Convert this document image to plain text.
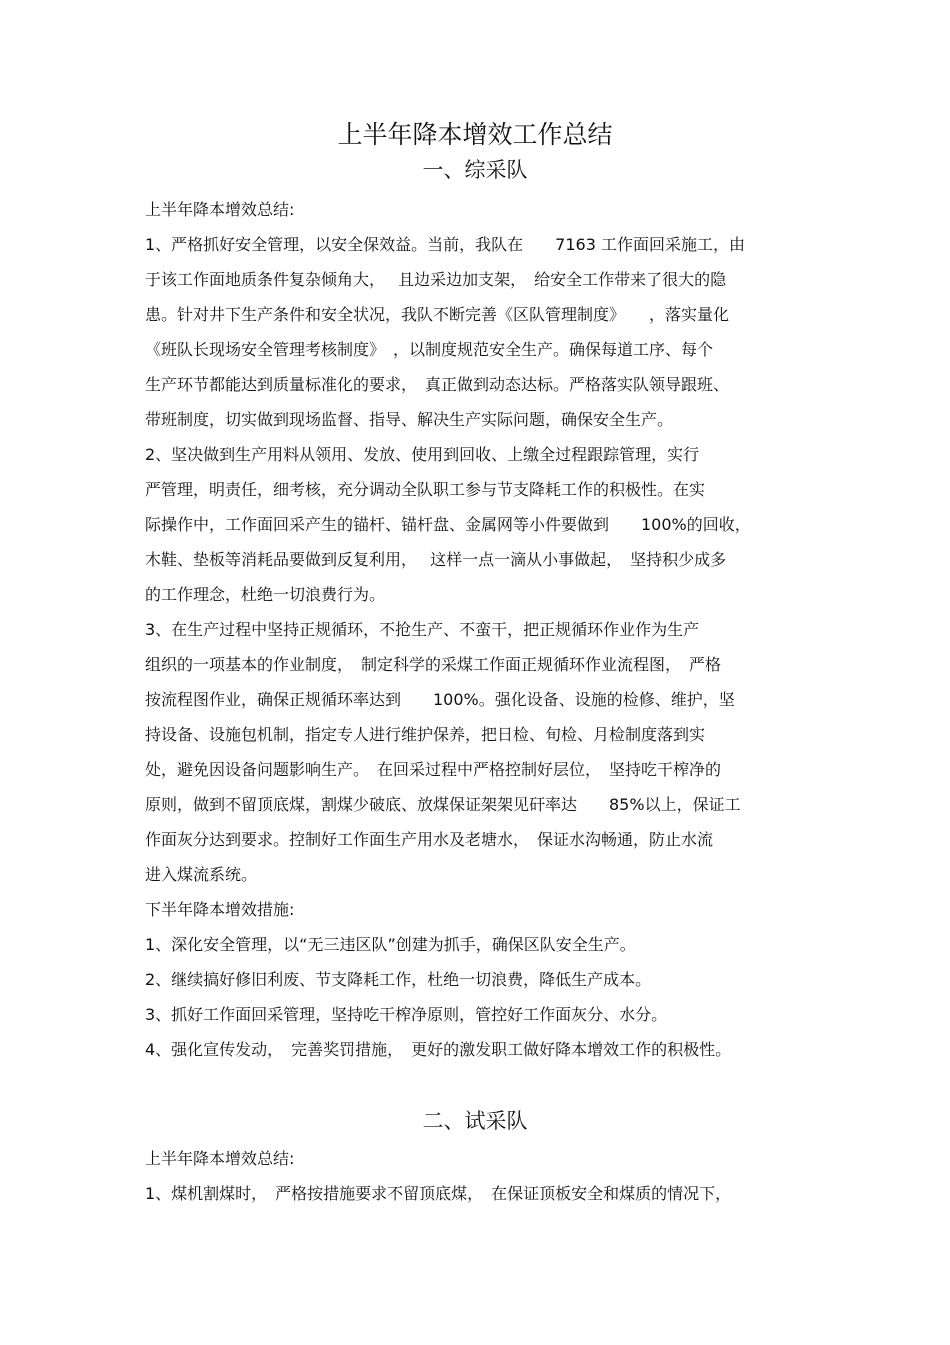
上半年降本增效工作总结
一、综采队

上半年降本增效总结:

1、严格抓好安全管理，以安全保效益。当前，我队在　　7163 工作面回采施工，由

于该工作面地质条件复杂倾角大，　 且边采边加支架，　给安全工作带来了很大的隐

患。针对井下生产条件和安全状况，我队不断完善《区队管理制度》　　，落实量化

《班队长现场安全管理考核制度》　，以制度规范安全生产。确保每道工序、每个

生产环节都能达到质量标准化的要求，　真正做到动态达标。严格落实队领导跟班、

带班制度，切实做到现场监督、指导、解决生产实际问题，确保安全生产。

2、坚决做到生产用料从领用、发放、使用到回收、上缴全过程跟踪管理，实行

严管理，明责任，细考核，充分调动全队职工参与节支降耗工作的积极性。在实

际操作中，工作面回采产生的锚杆、锚杆盘、金属网等小件要做到　　100%的回收，

木鞋、垫板等消耗品要做到反复利用，　 这样一点一滴从小事做起，　坚持积少成多

的工作理念，杜绝一切浪费行为。

3、在生产过程中坚持正规循环，不抢生产、不蛮干，把正规循环作业作为生产

组织的一项基本的作业制度，　制定科学的采煤工作面正规循环作业流程图，　严格

按流程图作业，确保正规循环率达到　　100%。强化设备、设施的检修、维护，坚

持设备、设施包机制，指定专人进行维护保养，把日检、旬检、月检制度落到实

处，避免因设备问题影响生产。　在回采过程中严格控制好层位，　坚持吃干榨净的

原则，做到不留顶底煤，割煤少破底、放煤保证架架见矸率达　　85%以上，保证工

作面灰分达到要求。控制好工作面生产用水及老塘水，　保证水沟畅通，防止水流

进入煤流系统。

下半年降本增效措施:

1、深化安全管理，以“无三违区队”创建为抓手，确保区队安全生产。

2、继续搞好修旧利废、节支降耗工作，杜绝一切浪费，降低生产成本。

3、抓好工作面回采管理，坚持吃干榨净原则，管控好工作面灰分、水分。

4、强化宣传发动，　完善奖罚措施，　更好的激发职工做好降本增效工作的积极性。

二、试采队

上半年降本增效总结:

1、煤机割煤时，　严格按措施要求不留顶底煤，　在保证顶板安全和煤质的情况下，
